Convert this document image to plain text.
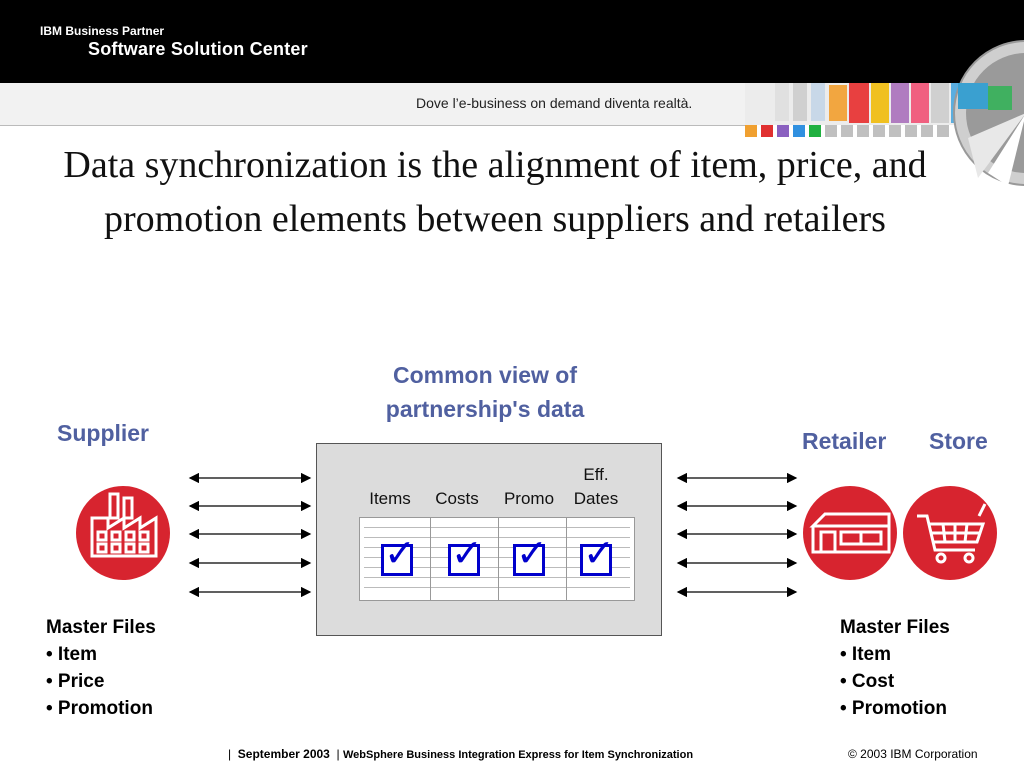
IBM Business Partner
Software Solution Center
Dove l’e-business on demand diventa realtà.
Data synchronization is the alignment of item, price, and promotion elements between suppliers and retailers
Common view of
partnership's data
Supplier	Retailer Store
Items	Costs	Promo
Eff.
Dates
✓ ✓ ✓ ✓
Master Files
• Item
• Price
• Promotion
Master Files
• Item
• Cost
• Promotion
| September 2003 | WebSphere Business Integration Express for Item Synchronization	© 2003 IBM Corporation
